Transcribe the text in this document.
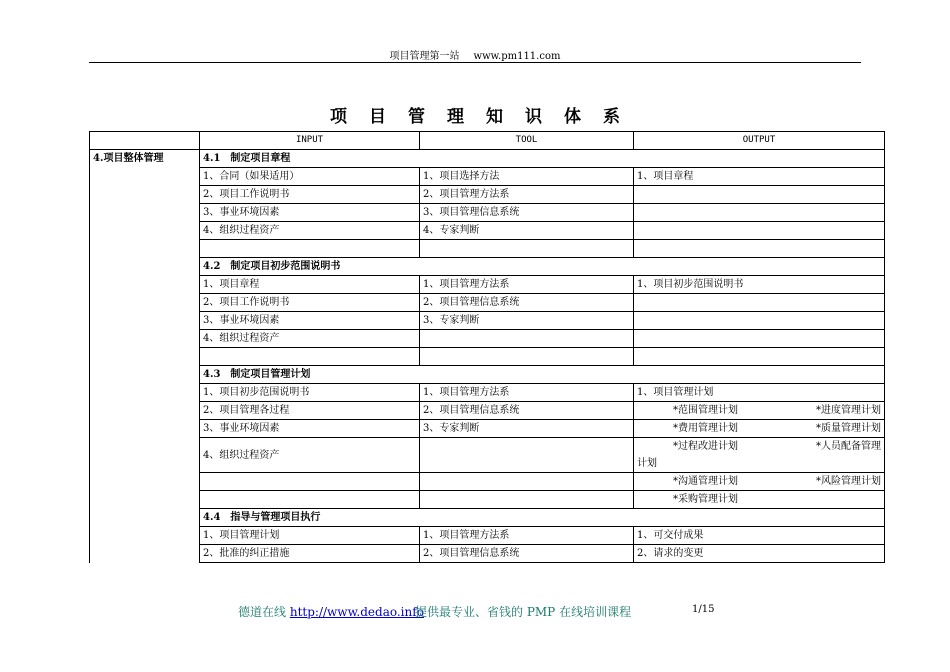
项目管理第一站 www.pm111.com
项 目 管 理 知 识 体 系
	INPUT	TOOL	OUTPUT
4.项目整体管理	4.1 制定项目章程		
	1、合同（如果适用）	1、项目选择方法	1、项目章程
	2、项目工作说明书	2、项目管理方法系	
	3、事业环境因素	3、项目管理信息系统	
	4、组织过程资产	4、专家判断	

	4.2 制定项目初步范围说明书		
	1、项目章程	1、项目管理方法系	1、项目初步范围说明书
	2、项目工作说明书	2、项目管理信息系统	
	3、事业环境因素	3、专家判断	
	4、组织过程资产		

	4.3 制定项目管理计划		
	1、项目初步范围说明书	1、项目管理方法系	1、项目管理计划
	2、项目管理各过程	2、项目管理信息系统	*范围管理计划 *进度管理计划

	3、事业环境因素	3、专家判断	*费用管理计划 *质量管理计划

	4、组织过程资产		*过程改进计划 *人员配备管理
计划

			*沟通管理计划 *风险管理计划

			*采购管理计划

	4.4 指导与管理项目执行		
	1、项目管理计划	1、项目管理方法系	1、可交付成果
	2、批准的纠正措施	2、项目管理信息系统	2、请求的变更
德道在线 http://www.dedao.info
提供最专业、省钱的 PMP 在线培训课程	1/15
